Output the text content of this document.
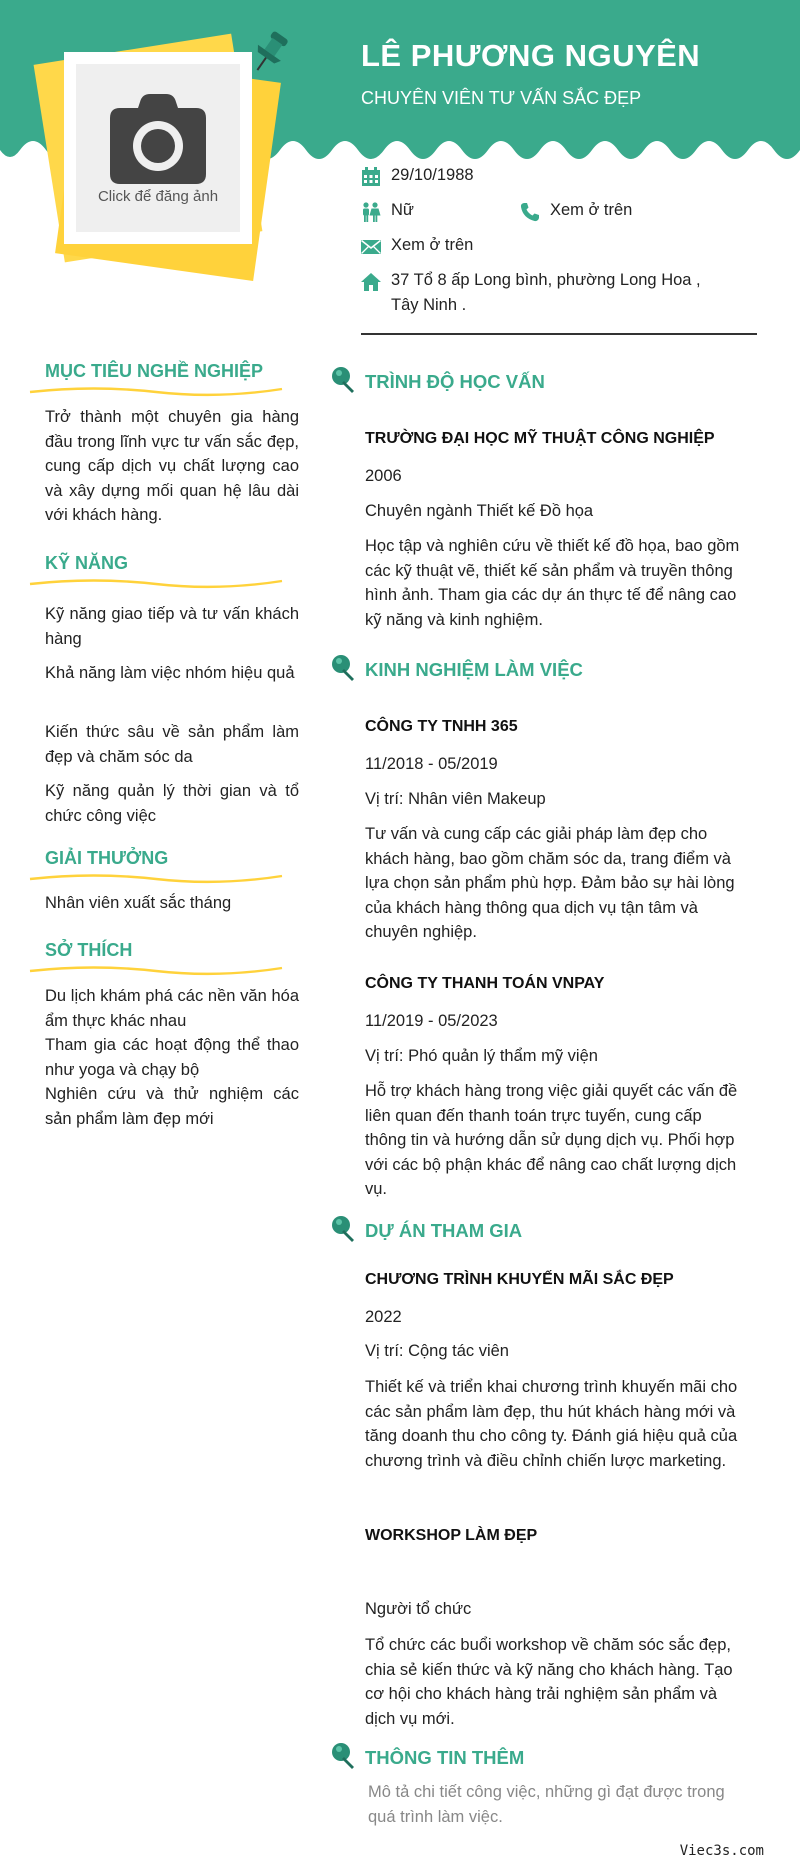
Click để đăng ảnh
LÊ PHƯƠNG NGUYÊN
CHUYÊN VIÊN TƯ VẤN SẮC ĐẸP
29/10/1988
Nữ	Xem ở trên
Xem ở trên
37 Tổ 8 ấp Long bình, phường Long Hoa ,
Tây Ninh .
MỤC TIÊU NGHỀ NGHIỆP
Trở thành một chuyên gia hàng đầu trong lĩnh vực tư vấn sắc đẹp, cung cấp dịch vụ chất lượng cao và xây dựng mối quan hệ lâu dài với khách hàng.
KỸ NĂNG
Kỹ năng giao tiếp và tư vấn khách hàng
Khả năng làm việc nhóm hiệu quả
Kiến thức sâu về sản phẩm làm đẹp và chăm sóc da
Kỹ năng quản lý thời gian và tổ chức công việc
GIẢI THƯỞNG
Nhân viên xuất sắc tháng
SỞ THÍCH
Du lịch khám phá các nền văn hóa ẩm thực khác nhau
Tham gia các hoạt động thể thao như yoga và chạy bộ
Nghiên cứu và thử nghiệm các sản phẩm làm đẹp mới
TRÌNH ĐỘ HỌC VẤN
TRƯỜNG ĐẠI HỌC MỸ THUẬT CÔNG NGHIỆP
2006
Chuyên ngành Thiết kế Đồ họa
Học tập và nghiên cứu về thiết kế đồ họa, bao gồm các kỹ thuật vẽ, thiết kế sản phẩm và truyền thông hình ảnh. Tham gia các dự án thực tế để nâng cao kỹ năng và kinh nghiệm.
KINH NGHIỆM LÀM VIỆC
CÔNG TY TNHH 365
11/2018 - 05/2019
Vị trí: Nhân viên Makeup
Tư vấn và cung cấp các giải pháp làm đẹp cho khách hàng, bao gồm chăm sóc da, trang điểm và lựa chọn sản phẩm phù hợp. Đảm bảo sự hài lòng của khách hàng thông qua dịch vụ tận tâm và chuyên nghiệp.
CÔNG TY THANH TOÁN VNPAY
11/2019 - 05/2023
Vị trí: Phó quản lý thẩm mỹ viện
Hỗ trợ khách hàng trong việc giải quyết các vấn đề liên quan đến thanh toán trực tuyến, cung cấp thông tin và hướng dẫn sử dụng dịch vụ. Phối hợp với các bộ phận khác để nâng cao chất lượng dịch vụ.
DỰ ÁN THAM GIA
CHƯƠNG TRÌNH KHUYẾN MÃI SẮC ĐẸP
2022
Vị trí: Cộng tác viên
Thiết kế và triển khai chương trình khuyến mãi cho các sản phẩm làm đẹp, thu hút khách hàng mới và tăng doanh thu cho công ty. Đánh giá hiệu quả của chương trình và điều chỉnh chiến lược marketing.
WORKSHOP LÀM ĐẸP
Người tổ chức
Tổ chức các buổi workshop về chăm sóc sắc đẹp, chia sẻ kiến thức và kỹ năng cho khách hàng. Tạo cơ hội cho khách hàng trải nghiệm sản phẩm và dịch vụ mới.
THÔNG TIN THÊM
Mô tả chi tiết công việc, những gì đạt được trong quá trình làm việc.
Viec3s.com
